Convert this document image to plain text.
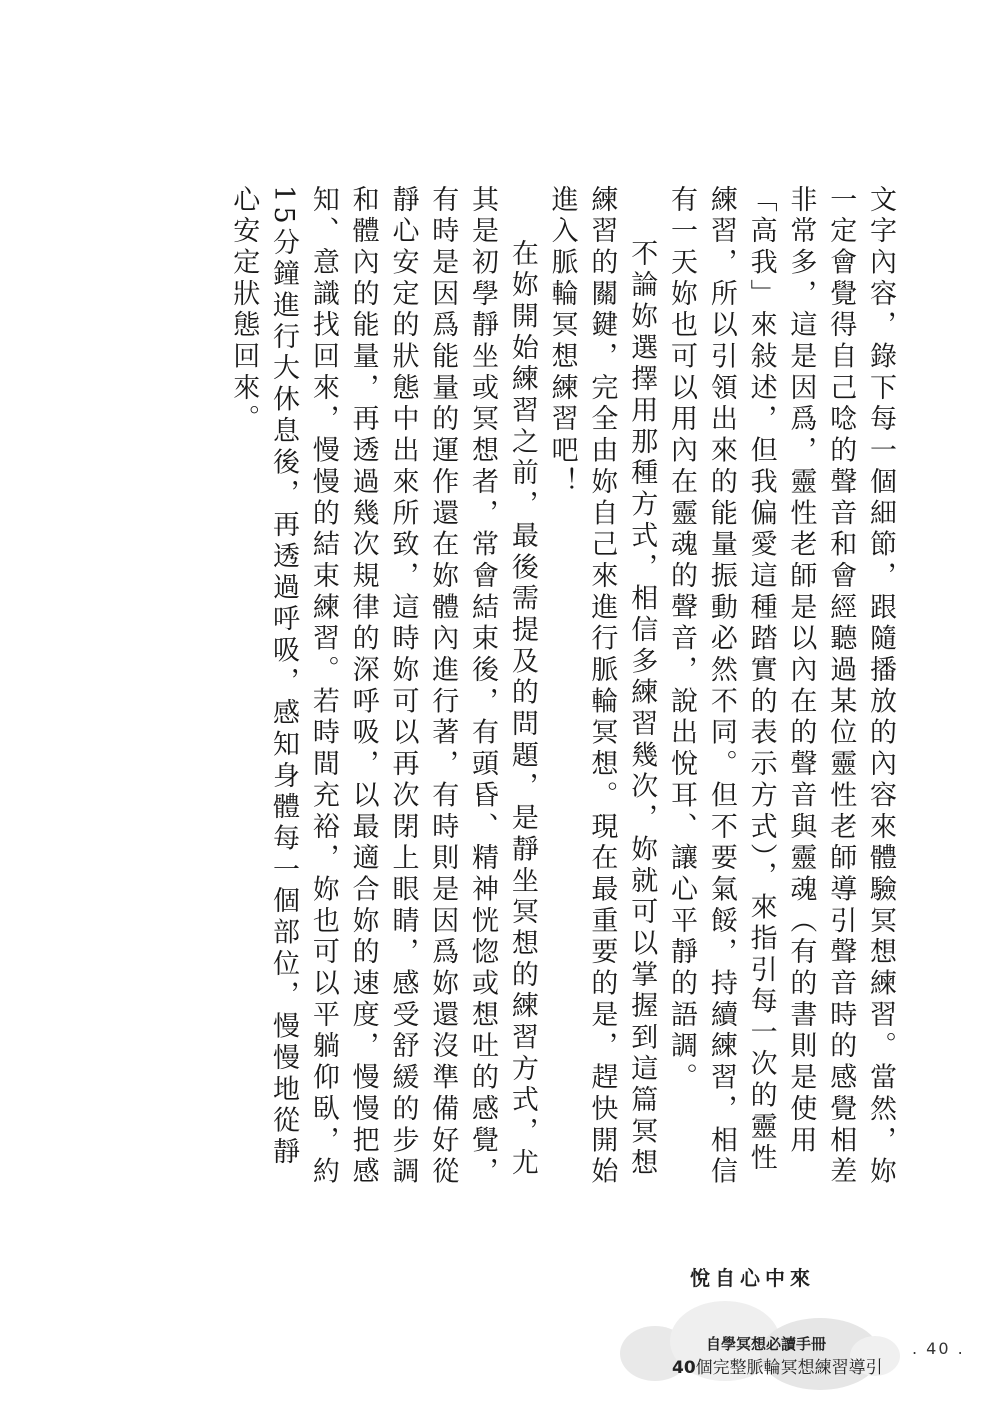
文字內容，錄下每一個細節，跟隨播放的內容來體驗冥想練習。當然，妳一定會覺得自己唸的聲音和會經聽過某位靈性老師導引聲音時的感覺相差非常多，這是因爲，靈性老師是以內在的聲音與靈魂（有的書則是使用「高我」來敍述，但我偏愛這種踏實的表示方式），來指引每一次的靈性練習，所以引領出來的能量振動必然不同。但不要氣餒，持續練習，相信有一天妳也可以用內在靈魂的聲音，說出悅耳、讓心平靜的語調。

不論妳選擇用那種方式，相信多練習幾次，妳就可以掌握到這篇冥想練習的關鍵，完全由妳自己來進行脈輪冥想。現在最重要的是，趕快開始進入脈輪冥想練習吧！

在妳開始練習之前，最後需提及的問題，是靜坐冥想的練習方式，尤其是初學靜坐或冥想者，常會結束後，有頭昏、精神恍惚或想吐的感覺，有時是因爲能量的運作還在妳體內進行著，有時則是因爲妳還沒準備好從靜心安定的狀態中出來所致，這時妳可以再次閉上眼睛，感受舒緩的步調和體內的能量，再透過幾次規律的深呼吸，以最適合妳的速度，慢慢把感知、意識找回來，慢慢的結束練習。若時間充裕，妳也可以平躺仰臥，約15分鐘進行大休息後，再透過呼吸，感知身體每一個部位，慢慢地從靜心安定狀態回來。

悅自心中來
自學冥想必讀手冊
40個完整脈輪冥想練習導引
. 40 .
